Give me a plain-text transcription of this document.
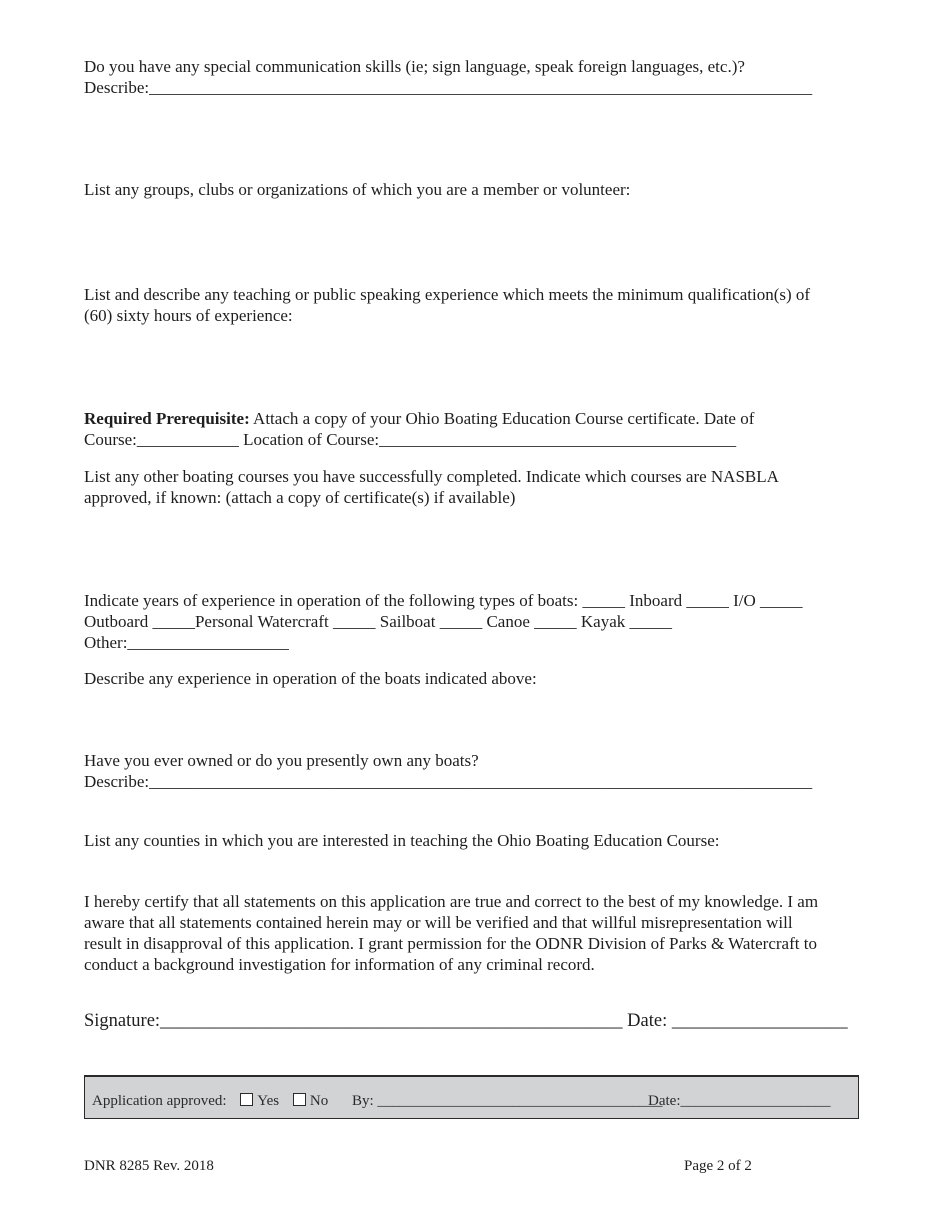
Do you have any special communication skills (ie; sign language, speak foreign languages, etc.)?
Describe:______________________________________________________________________________
List any groups, clubs or organizations of which you are a member or volunteer:
List and describe any teaching or public speaking experience which meets the minimum qualification(s) of
(60) sixty hours of experience:
Required Prerequisite: Attach a copy of your Ohio Boating Education Course certificate. Date of
Course:____________ Location of Course:__________________________________________
List any other boating courses you have successfully completed. Indicate which courses are NASBLA
approved, if known: (attach a copy of certificate(s) if available)
Indicate years of experience in operation of the following types of boats: _____ Inboard _____ I/O _____
Outboard _____Personal Watercraft _____ Sailboat _____ Canoe _____ Kayak _____
Other:___________________
Describe any experience in operation of the boats indicated above:
Have you ever owned or do you presently own any boats?
Describe:______________________________________________________________________________
List any counties in which you are interested in teaching the Ohio Boating Education Course:
I hereby certify that all statements on this application are true and correct to the best of my knowledge. I am
aware that all statements contained herein may or will be verified and that willful misrepresentation will
result in disapproval of this application. I grant permission for the ODNR Division of Parks & Watercraft to
conduct a background investigation for information of any criminal record.
Signature:__________________________________________________ Date: ___________________
Application approved: Yes No By: ______________________________________
Date:____________________
DNR 8285 Rev. 2018	Page 2 of 2
